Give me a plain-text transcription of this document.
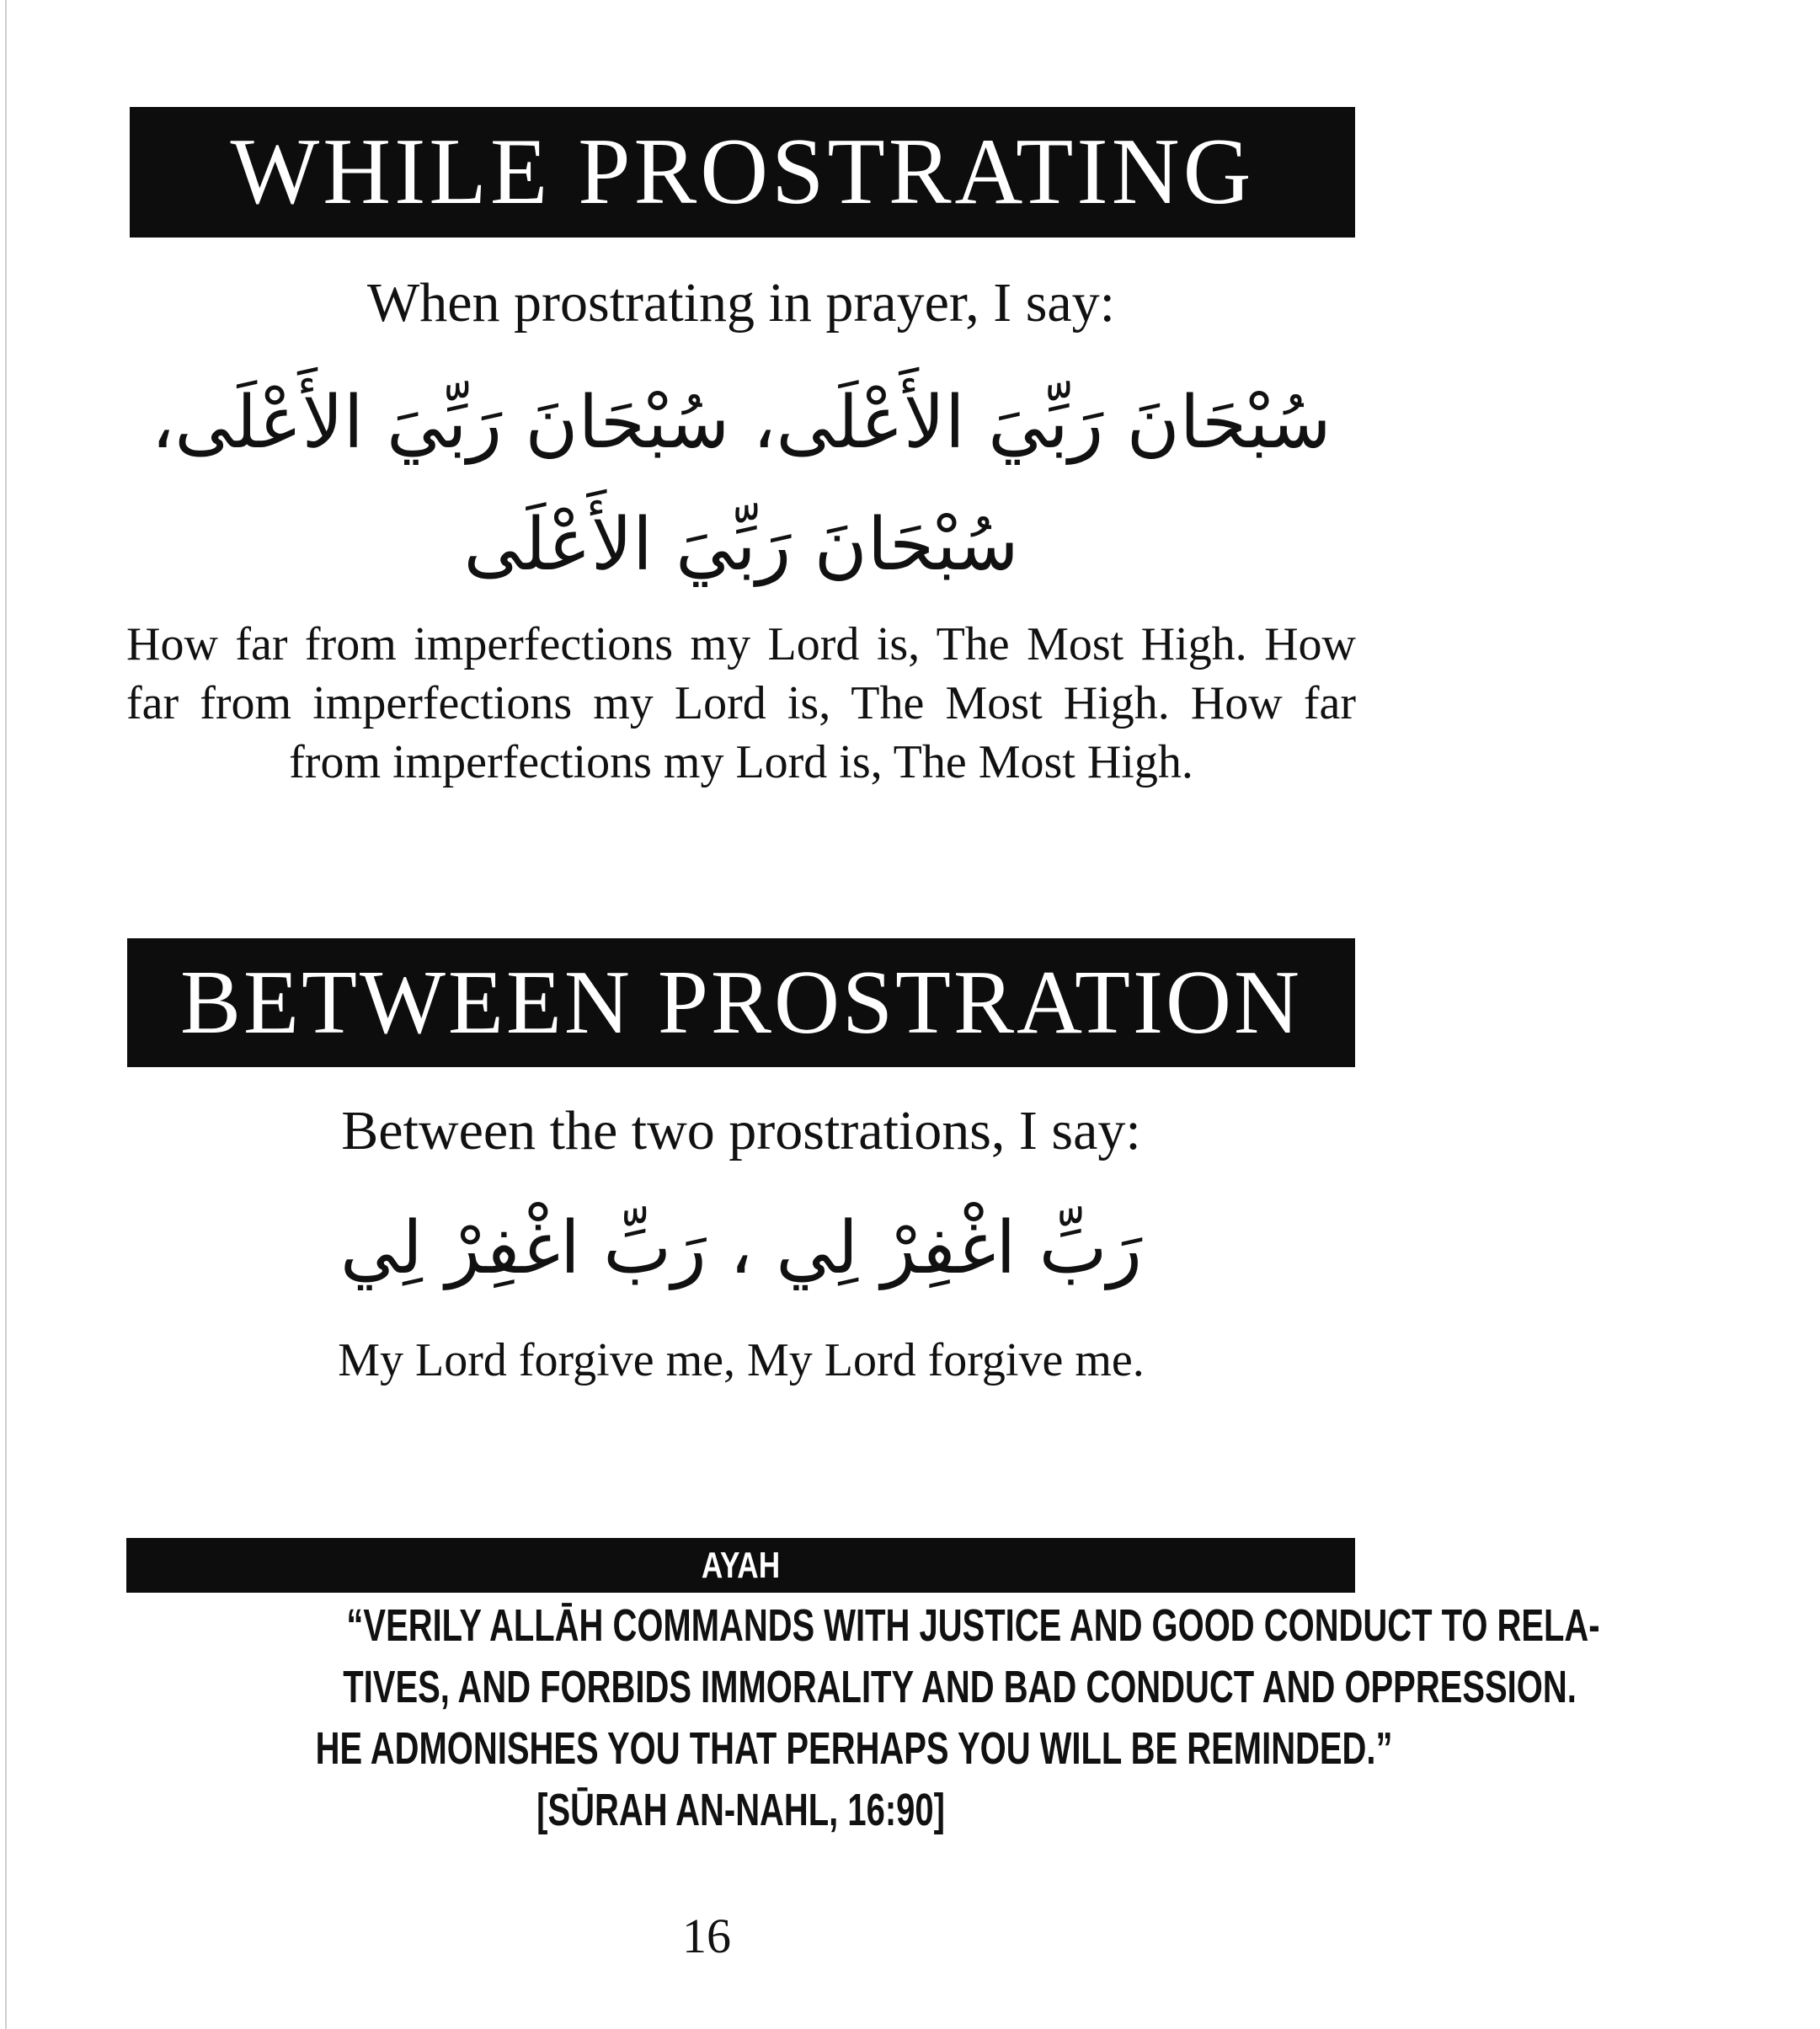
WHILE PROSTRATING
When prostrating in prayer, I say:
سُبْحَانَ رَبِّيَ الأَعْلَى، سُبْحَانَ رَبِّيَ الأَعْلَى، سُبْحَانَ رَبِّيَ الأَعْلَى
How far from imperfections my Lord is, The Most High. How far from imperfections my Lord is, The Most High. How far from imperfections my Lord is, The Most High.
BETWEEN PROSTRATION
Between the two prostrations, I say:
رَبِّ اغْفِرْ لِي ، رَبِّ اغْفِرْ لِي
My Lord forgive me, My Lord forgive me.
AYAH
“VERILY ALLĀH COMMANDS WITH JUSTICE AND GOOD CONDUCT TO RELA-
TIVES, AND FORBIDS IMMORALITY AND BAD CONDUCT AND OPPRESSION.
HE ADMONISHES YOU THAT PERHAPS YOU WILL BE REMINDED.”
[SŪRAH AN-NAHL, 16:90]
16
